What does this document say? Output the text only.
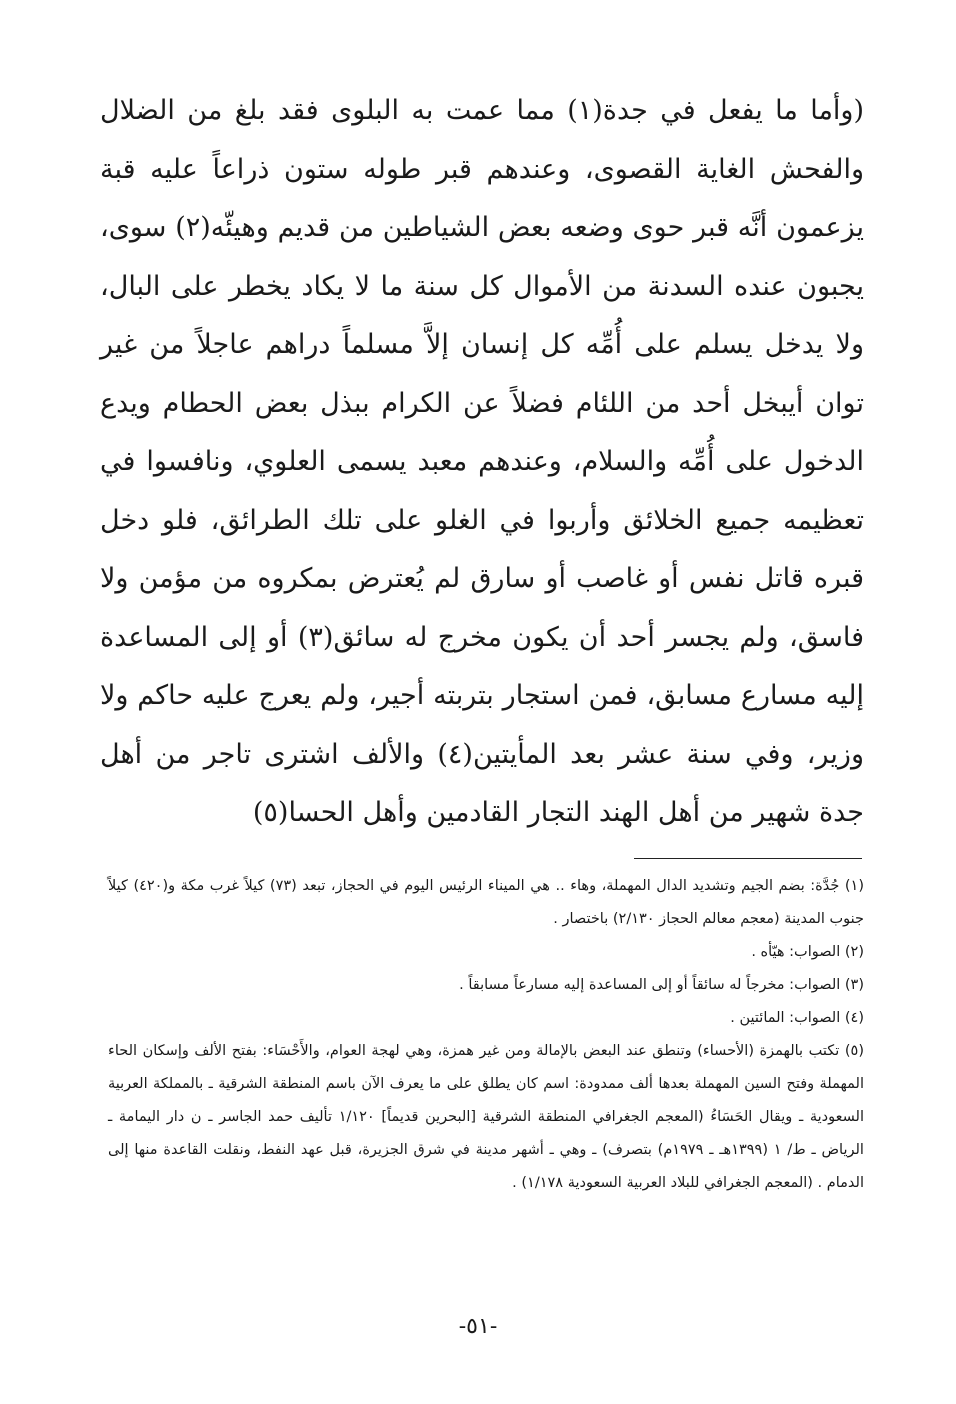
(وأما ما يفعل في جدة(١) مما عمت به البلوى فقد بلغ من الضلال والفحش الغاية القصوى، وعندهم قبر طوله ستون ذراعاً عليه قبة يزعمون أنَّه قبر حوى وضعه بعض الشياطين من قديم وهيئّه(٢) سوى، يجبون عنده السدنة من الأموال كل سنة ما لا يكاد يخطر على البال، ولا يدخل يسلم على أُمِّه كل إنسان إلاَّ مسلماً دراهم عاجلاً من غير توان أيبخل أحد من اللئام فضلاً عن الكرام ببذل بعض الحطام ويدع الدخول على أُمِّه والسلام، وعندهم معبد يسمى العلوي، ونافسوا في تعظيمه جميع الخلائق وأربوا في الغلو على تلك الطرائق، فلو دخل قبره قاتل نفس أو غاصب أو سارق لم يُعترض بمكروه من مؤمن ولا فاسق، ولم يجسر أحد أن يكون مخرج له سائق(٣) أو إلى المساعدة إليه مسارع مسابق، فمن استجار بتربته أجير، ولم يعرج عليه حاكم ولا وزير، وفي سنة عشر بعد المأيتين(٤) والألف اشترى تاجر من أهل جدة شهير من أهل الهند التجار القادمين وأهل الحسا(٥)

(١) جُدَّة: بضم الجيم وتشديد الدال المهملة، وهاء .. هي الميناء الرئيس اليوم في الحجاز، تبعد (٧٣) كيلاً غرب مكة و(٤٢٠) كيلاً جنوب المدينة (معجم معالم الحجاز ٢/١٣٠) باختصار .

(٢) الصواب: هيّأه .

(٣) الصواب: مخرجاً له سائقاً أو إلى المساعدة إليه مسارعاً مسابقاً .

(٤) الصواب: المائتين .

(٥) تكتب بالهمزة (الأحساء) وتنطق عند البعض بالإمالة ومن غير همزة، وهي لهجة العوام، والأَحْسَاء: بفتح الألف وإسكان الحاء المهملة وفتح السين المهملة بعدها ألف ممدودة: اسم كان يطلق على ما يعرف الآن باسم المنطقة الشرقية ـ بالمملكة العربية السعودية ـ ويقال الحَسَاءُ (المعجم الجغرافي المنطقة الشرقية [البحرين قديماً] ١/١٢٠ تأليف حمد الجاسر ـ ن دار اليمامة ـ الرياض ـ ط/ ١ (١٣٩٩هـ ـ ١٩٧٩م) بتصرف) ـ وهي ـ أشهر مدينة في شرق الجزيرة، قبل عهد النفط، ونقلت القاعدة منها إلى الدمام . (المعجم الجغرافي للبلاد العربية السعودية ١/١٧٨) .

-٥١-
